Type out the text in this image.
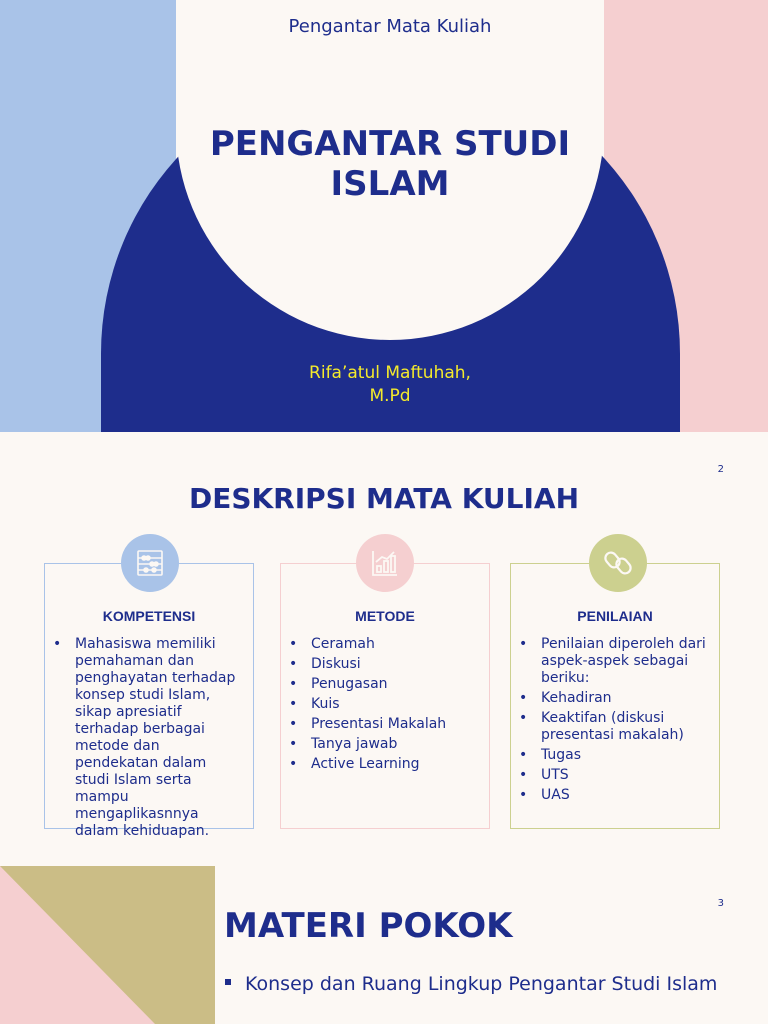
Pengantar Mata Kuliah
PENGANTAR STUDI ISLAM
Rifa’atul Maftuhah,
M.Pd
2
DESKRIPSI MATA KULIAH
KOMPETENSI
• Mahasiswa memiliki pemahaman dan penghayatan terhadap konsep studi Islam, sikap apresiatif terhadap berbagai metode dan pendekatan dalam studi Islam serta mampu mengaplikasnnya dalam kehiduapan.
METODE
• Ceramah
• Diskusi
• Penugasan
• Kuis
• Presentasi Makalah
• Tanya jawab
• Active Learning
PENILAIAN
• Penilaian diperoleh dari aspek-aspek sebagai beriku:
• Kehadiran
• Keaktifan (diskusi presentasi makalah)
• Tugas
• UTS
• UAS
3
MATERI POKOK
Konsep dan Ruang Lingkup Pengantar Studi Islam
